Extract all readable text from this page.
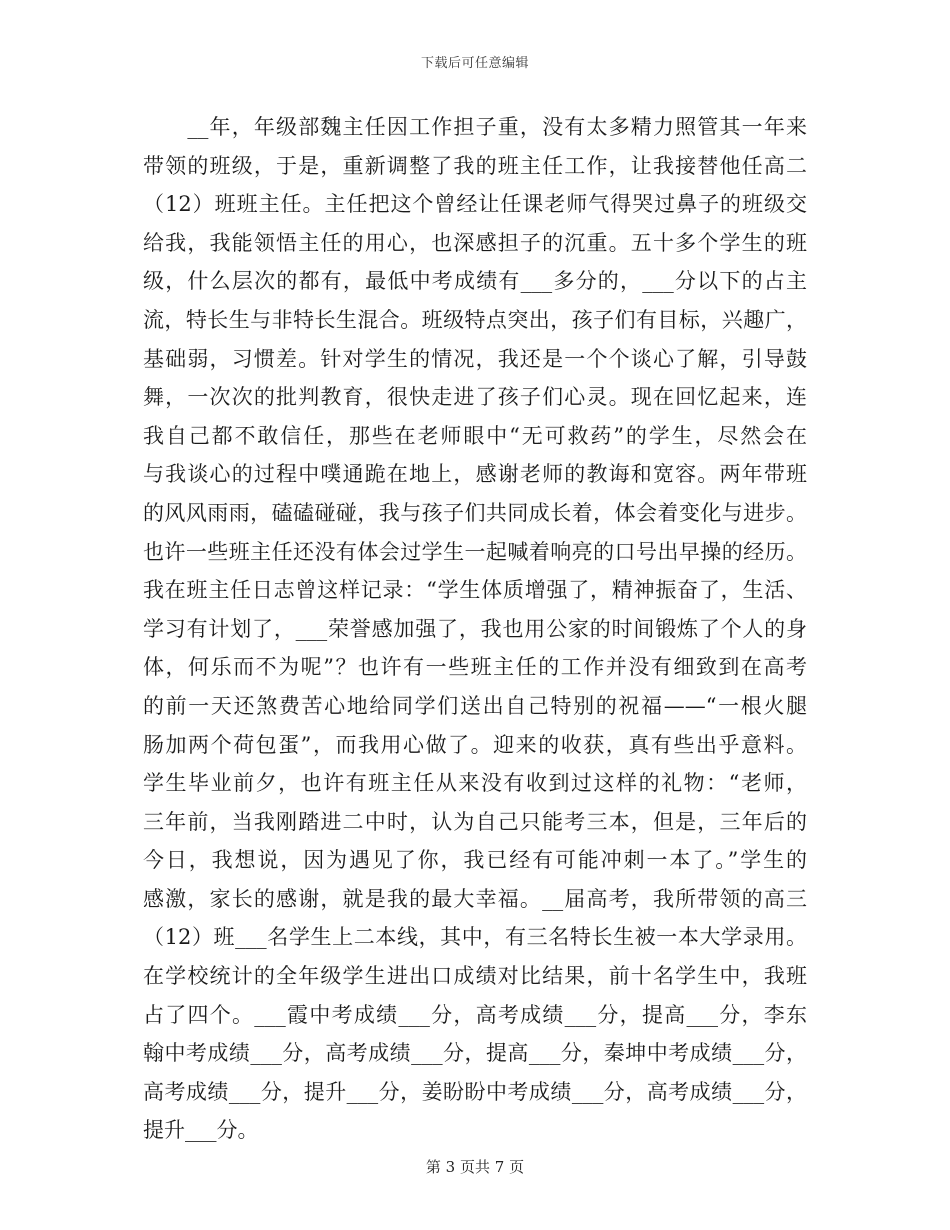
下载后可任意编辑
　　__年，年级部魏主任因工作担子重，没有太多精力照管其一年来
带领的班级，于是，重新调整了我的班主任工作，让我接替他任高二
（12）班班主任。主任把这个曾经让任课老师气得哭过鼻子的班级交
给我，我能领悟主任的用心，也深感担子的沉重。五十多个学生的班
级，什么层次的都有，最低中考成绩有___多分的，___分以下的占主
流，特长生与非特长生混合。班级特点突出，孩子们有目标，兴趣广，
基础弱，习惯差。针对学生的情况，我还是一个个谈心了解，引导鼓
舞，一次次的批判教育，很快走进了孩子们心灵。现在回忆起来，连
我自己都不敢信任，那些在老师眼中“无可救药”的学生，尽然会在
与我谈心的过程中噗通跪在地上，感谢老师的教诲和宽容。两年带班
的风风雨雨，磕磕碰碰，我与孩子们共同成长着，体会着变化与进步。
也许一些班主任还没有体会过学生一起喊着响亮的口号出早操的经历。
我在班主任日志曾这样记录：“学生体质增强了，精神振奋了，生活、
学习有计划了，___荣誉感加强了，我也用公家的时间锻炼了个人的身
体，何乐而不为呢”？也许有一些班主任的工作并没有细致到在高考
的前一天还煞费苦心地给同学们送出自己特别的祝福——“一根火腿
肠加两个荷包蛋”，而我用心做了。迎来的收获，真有些出乎意料。
学生毕业前夕，也许有班主任从来没有收到过这样的礼物：“老师，
三年前，当我刚踏进二中时，认为自己只能考三本，但是，三年后的
今日，我想说，因为遇见了你，我已经有可能冲刺一本了。”学生的
感激，家长的感谢，就是我的最大幸福。__届高考，我所带领的高三
（12）班___名学生上二本线，其中，有三名特长生被一本大学录用。
在学校统计的全年级学生进出口成绩对比结果，前十名学生中，我班
占了四个。___霞中考成绩___分，高考成绩___分，提高___分，李东
翰中考成绩___分，高考成绩___分，提高___分，秦坤中考成绩___分，
高考成绩___分，提升___分，姜盼盼中考成绩___分，高考成绩___分，
提升___分。
第 3 页共 7 页
